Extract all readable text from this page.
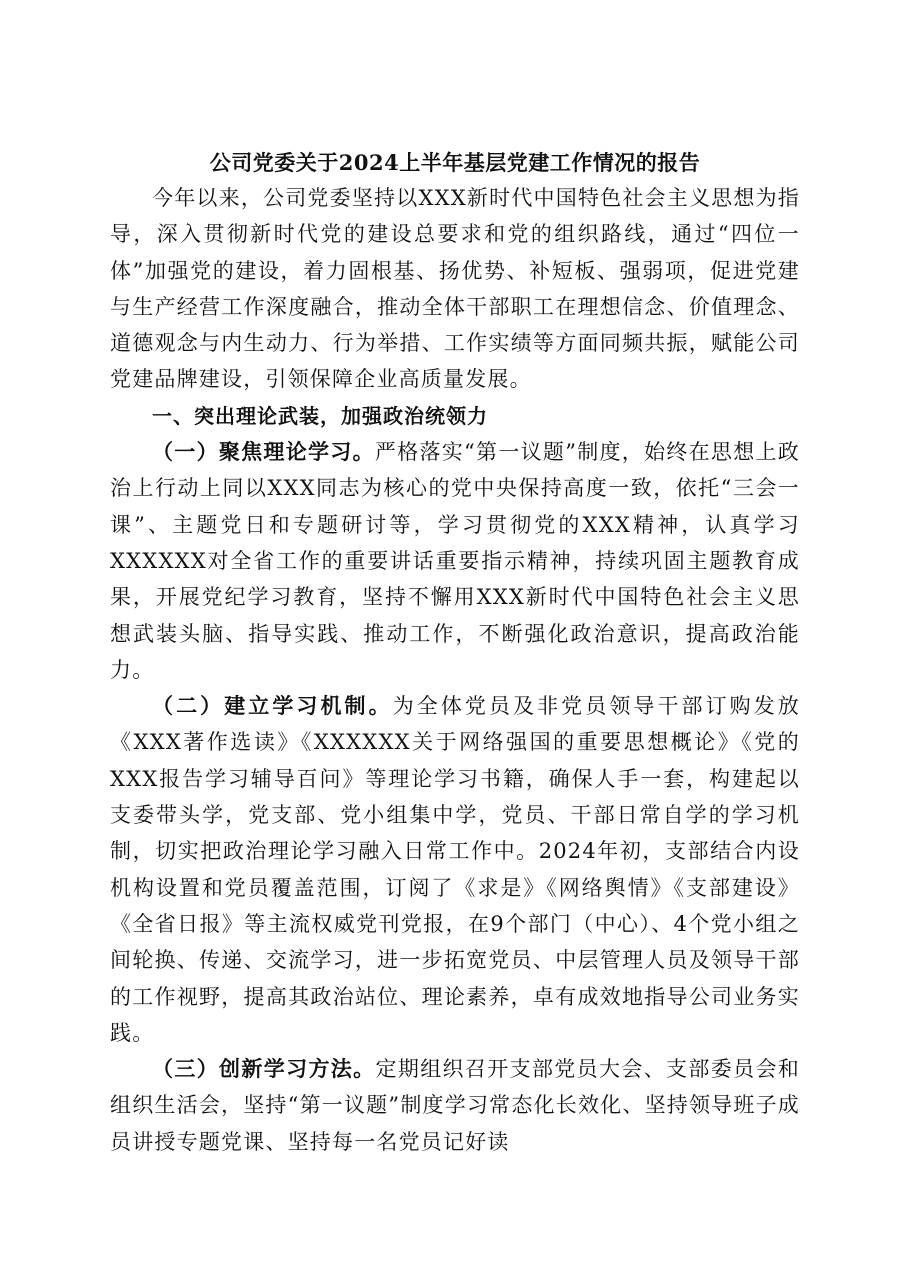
公司党委关于2024上半年基层党建工作情况的报告

今年以来，公司党委坚持以XXX新时代中国特色社会主义思想为指导，深入贯彻新时代党的建设总要求和党的组织路线，通过“四位一体”加强党的建设，着力固根基、扬优势、补短板、强弱项，促进党建与生产经营工作深度融合，推动全体干部职工在理想信念、价值理念、道德观念与内生动力、行为举措、工作实绩等方面同频共振，赋能公司党建品牌建设，引领保障企业高质量发展。

一、突出理论武装，加强政治统领力

（一）聚焦理论学习。严格落实“第一议题”制度，始终在思想上政治上行动上同以XXX同志为核心的党中央保持高度一致，依托“三会一课”、主题党日和专题研讨等，学习贯彻党的XXX精神，认真学习XXXXXX对全省工作的重要讲话重要指示精神，持续巩固主题教育成果，开展党纪学习教育，坚持不懈用XXX新时代中国特色社会主义思想武装头脑、指导实践、推动工作，不断强化政治意识，提高政治能力。

（二）建立学习机制。为全体党员及非党员领导干部订购发放《XXX著作选读》《XXXXXX关于网络强国的重要思想概论》《党的XXX报告学习辅导百问》等理论学习书籍，确保人手一套，构建起以支委带头学，党支部、党小组集中学，党员、干部日常自学的学习机制，切实把政治理论学习融入日常工作中。2024年初，支部结合内设机构设置和党员覆盖范围，订阅了《求是》《网络舆情》《支部建设》《全省日报》等主流权威党刊党报，在9个部门（中心）、4个党小组之间轮换、传递、交流学习，进一步拓宽党员、中层管理人员及领导干部的工作视野，提高其政治站位、理论素养，卓有成效地指导公司业务实践。

（三）创新学习方法。定期组织召开支部党员大会、支部委员会和组织生活会，坚持“第一议题”制度学习常态化长效化、坚持领导班子成员讲授专题党课、坚持每一名党员记好读
